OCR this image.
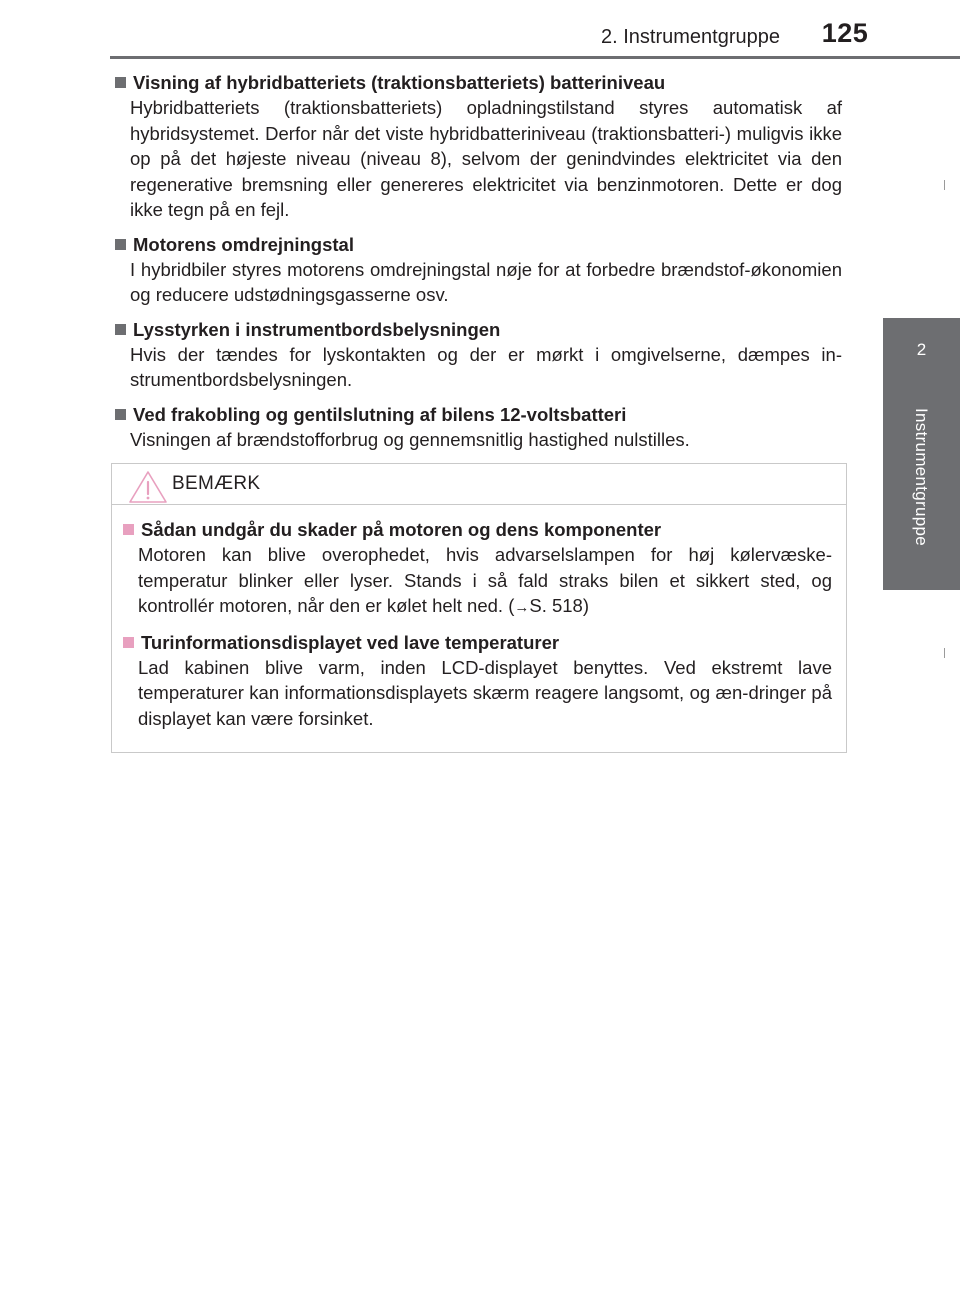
2. Instrumentgruppe	125
2
Instrumentgruppe
Visning af hybridbatteriets (traktionsbatteriets) batteriniveau
Hybridbatteriets (traktionsbatteriets) opladningstilstand styres automatisk af hybridsystemet. Derfor når det viste hybridbatteriniveau (traktionsbatteri-) muligvis ikke op på det højeste niveau (niveau 8), selvom der genindvindes elektricitet via den regenerative bremsning eller genereres elektricitet via benzinmotoren. Dette er dog ikke tegn på en fejl.
Motorens omdrejningstal
I hybridbiler styres motorens omdrejningstal nøje for at forbedre brændstof-økonomien og reducere udstødningsgasserne osv.
Lysstyrken i instrumentbordsbelysningen
Hvis der tændes for lyskontakten og der er mørkt i omgivelserne, dæmpes in-strumentbordsbelysningen.
Ved frakobling og gentilslutning af bilens 12-voltsbatteri
Visningen af brændstofforbrug og gennemsnitlig hastighed nulstilles.
BEMÆRK
Sådan undgår du skader på motoren og dens komponenter
Motoren kan blive overophedet, hvis advarselslampen for høj kølervæske-temperatur blinker eller lyser. Stands i så fald straks bilen et sikkert sted, og kontrollér motoren, når den er kølet helt ned. (→S. 518)
Turinformationsdisplayet ved lave temperaturer
Lad kabinen blive varm, inden LCD-displayet benyttes. Ved ekstremt lave temperaturer kan informationsdisplayets skærm reagere langsomt, og æn-dringer på displayet kan være forsinket.
